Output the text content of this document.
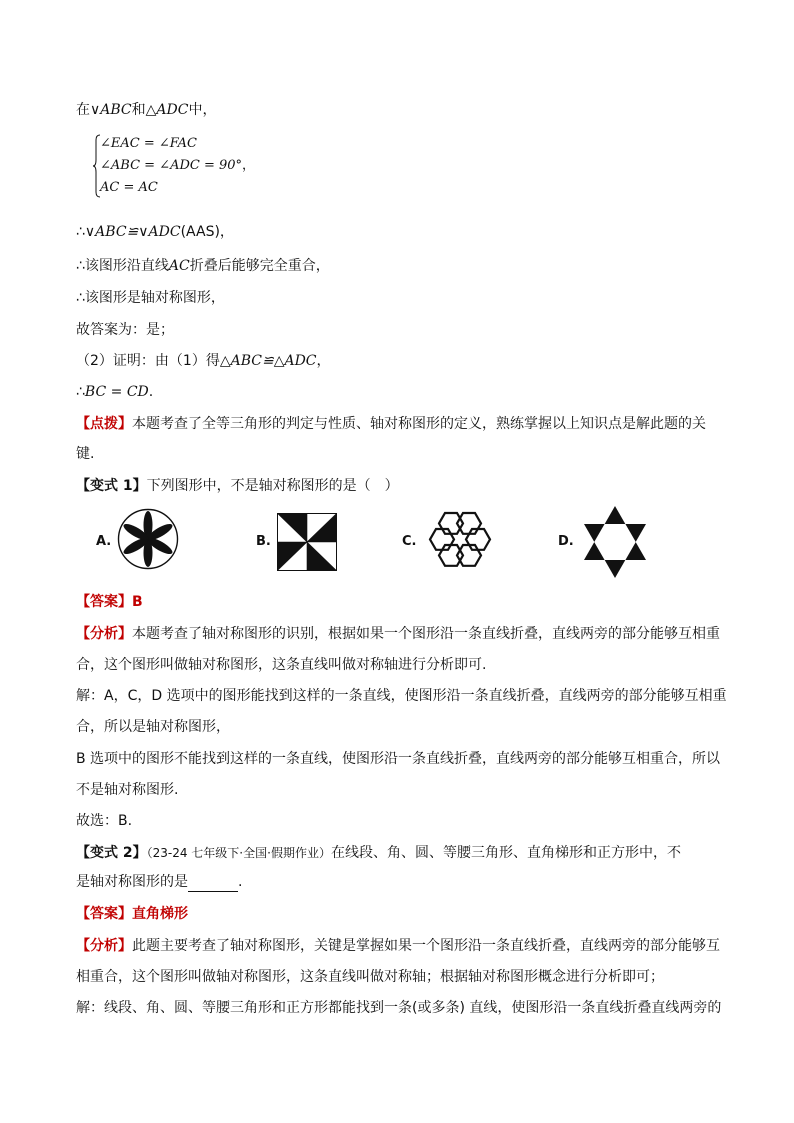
在∨ABC和△ADC中，
∠EAC = ∠FAC
∠ABC = ∠ADC = 90°，
AC = AC
∴∨ABC≌∨ADC(AAS)，
∴该图形沿直线AC折叠后能够完全重合，
∴该图形是轴对称图形，
故答案为：是；
（2）证明：由（1）得△ABC≌△ADC，
∴BC = CD.
【点拨】本题考查了全等三角形的判定与性质、轴对称图形的定义，熟练掌握以上知识点是解此题的关
键.
【变式 1】下列图形中，不是轴对称图形的是（　）
A.	B.	C.	D.
【答案】B
【分析】本题考查了轴对称图形的识别，根据如果一个图形沿一条直线折叠，直线两旁的部分能够互相重
合，这个图形叫做轴对称图形，这条直线叫做对称轴进行分析即可.
解：A，C，D 选项中的图形能找到这样的一条直线，使图形沿一条直线折叠，直线两旁的部分能够互相重
合，所以是轴对称图形，
B 选项中的图形不能找到这样的一条直线，使图形沿一条直线折叠，直线两旁的部分能够互相重合，所以
不是轴对称图形.
故选：B.
【变式 2】（23-24 七年级下·全国·假期作业）在线段、角、圆、等腰三角形、直角梯形和正方形中，不
是轴对称图形的是	.
【答案】直角梯形
【分析】此题主要考查了轴对称图形，关键是掌握如果一个图形沿一条直线折叠，直线两旁的部分能够互
相重合，这个图形叫做轴对称图形，这条直线叫做对称轴；根据轴对称图形概念进行分析即可；
解：线段、角、圆、等腰三角形和正方形都能找到一条(或多条) 直线，使图形沿一条直线折叠直线两旁的
